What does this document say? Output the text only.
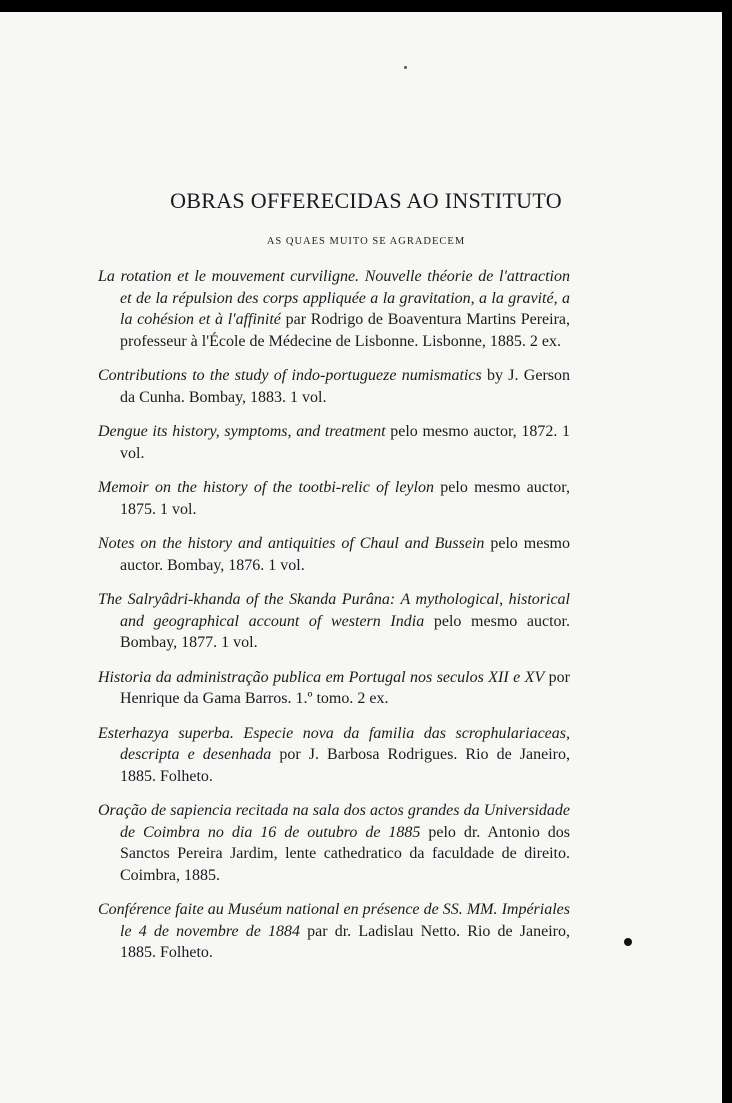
OBRAS OFFERECIDAS AO INSTITUTO
AS QUAES MUITO SE AGRADECEM

La rotation et le mouvement curviligne. Nouvelle théorie de l'attraction et de la répulsion des corps appliquée a la gravitation, a la gravité, a la cohésion et à l'affinité par Rodrigo de Boaventura Martins Pereira, professeur à l'École de Médecine de Lisbonne. Lisbonne, 1885. 2 ex.

Contributions to the study of indo-portugueze numismatics by J. Gerson da Cunha. Bombay, 1883. 1 vol.

Dengue its history, symptoms, and treatment pelo mesmo auctor, 1872. 1 vol.

Memoir on the history of the tootbi-relic of leylon pelo mesmo auctor, 1875. 1 vol.

Notes on the history and antiquities of Chaul and Bussein pelo mesmo auctor. Bombay, 1876. 1 vol.

The Salryâdri-khanda of the Skanda Purâna: A mythological, historical and geographical account of western India pelo mesmo auctor. Bombay, 1877. 1 vol.

Historia da administração publica em Portugal nos seculos XII e XV por Henrique da Gama Barros. 1.º tomo. 2 ex.

Esterhazya superba. Especie nova da familia das scrophulariaceas, descripta e desenhada por J. Barbosa Rodrigues. Rio de Janeiro, 1885. Folheto.

Oração de sapiencia recitada na sala dos actos grandes da Universidade de Coimbra no dia 16 de outubro de 1885 pelo dr. Antonio dos Sanctos Pereira Jardim, lente cathedratico da faculdade de direito. Coimbra, 1885.

Conférence faite au Muséum national en présence de SS. MM. Impériales le 4 de novembre de 1884 par dr. Ladislau Netto. Rio de Janeiro, 1885. Folheto.
